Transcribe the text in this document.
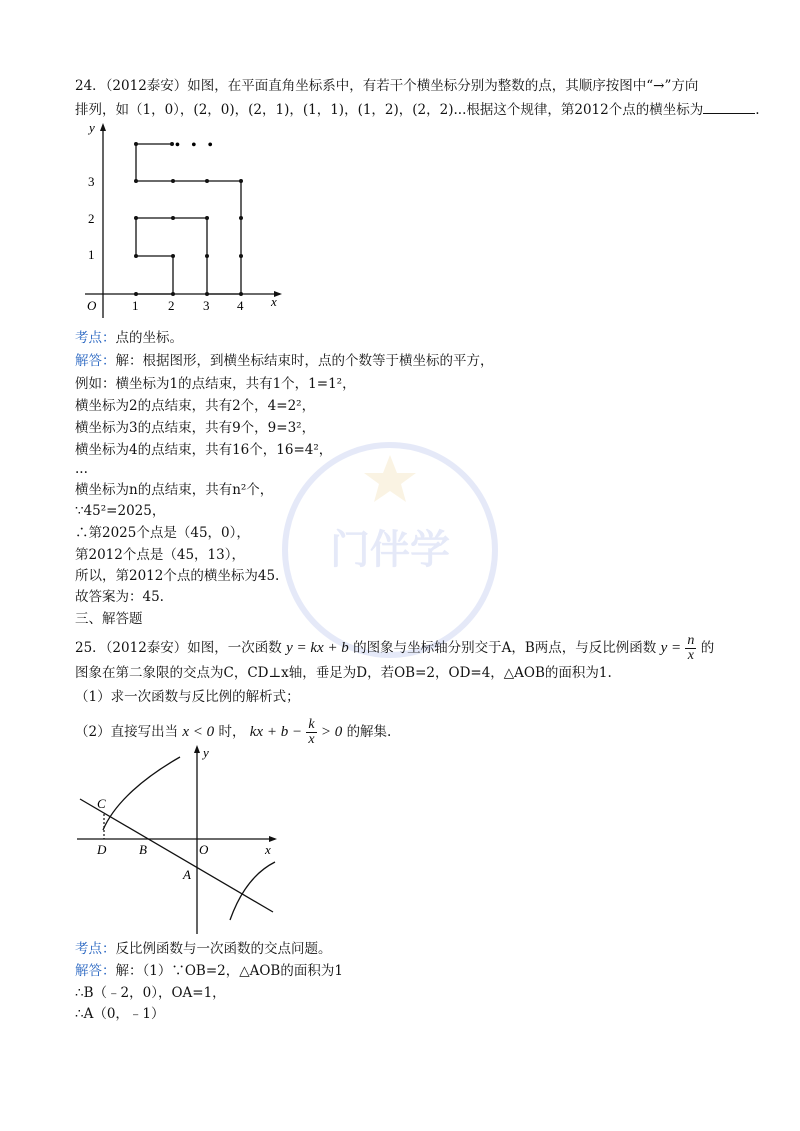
门伴学
24．（2012泰安）如图，在平面直角坐标系中，有若干个横坐标分别为整数的点，其顺序按图中“→”方向
排列，如（1，0），(2，0)，(2，1)，(1，1)，(1，2)，(2，2)...根据这个规律，第2012个点的横坐标为	.
y
x
O	1 2 3 4
1
2
3
• • •
考点：点的坐标。
解答：解：根据图形，到横坐标结束时，点的个数等于横坐标的平方，
例如：横坐标为1的点结束，共有1个，1=1²，
横坐标为2的点结束，共有2个，4=2²，
横坐标为3的点结束，共有9个，9=3²，
横坐标为4的点结束，共有16个，16=4²，
...
横坐标为n的点结束，共有n²个，
∵45²=2025，
∴第2025个点是（45，0），
第2012个点是（45，13），
所以，第2012个点的横坐标为45.
故答案为：45.
三、解答题
25．（2012泰安）如图，一次函数 y = kx + b 的图象与坐标轴分别交于A，B两点，与反比例函数 $y = \frac{n}{x}$ 的
图象在第二象限的交点为C，CD⊥x轴，垂足为D，若OB=2，OD=4，△AOB的面积为1.
（1）求一次函数与反比例的解析式；
（2）直接写出当 x < 0 时， kx + $b - \frac{k}{x} > 0$ 的解集.
y
x
C
D	B	O
A
考点：反比例函数与一次函数的交点问题。
解答：解：（1）∵OB=2，△AOB的面积为1
∴B（﹣2，0），OA=1，
∴A（0，﹣1）
